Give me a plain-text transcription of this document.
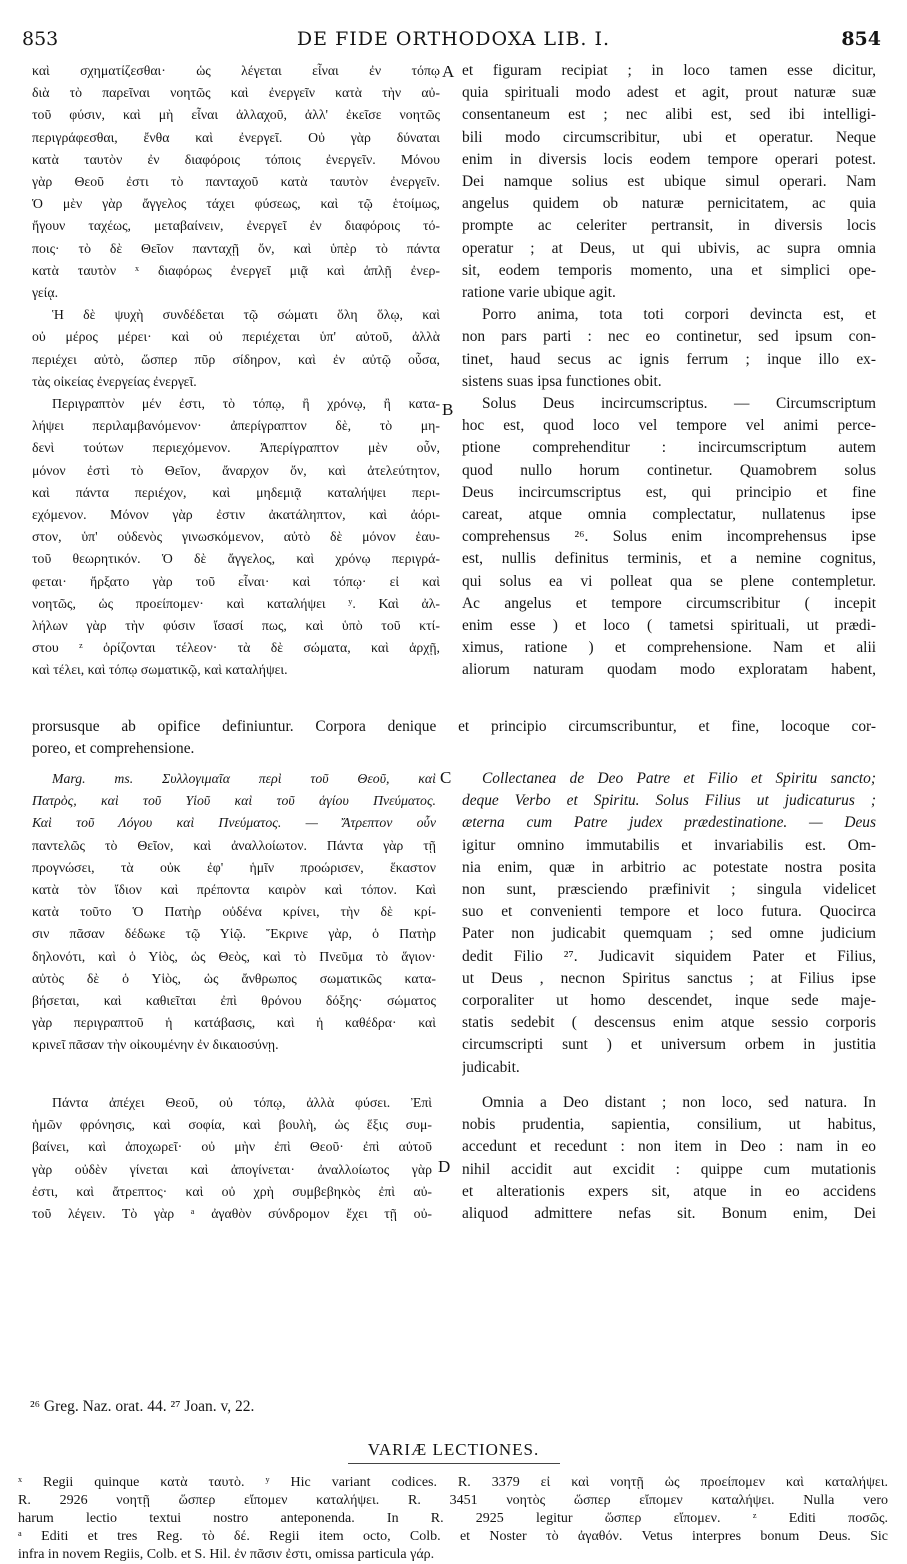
853	DE FIDE ORTHODOXA LIB. I.	854
A
B
C
D
καὶ σχηματίζεσθαι· ὡς λέγεται εἶναι ἐν τόπῳ
διὰ τὸ παρεῖναι νοητῶς καὶ ἐνεργεῖν κατὰ τὴν αὐ-
τοῦ φύσιν, καὶ μὴ εἶναι ἀλλαχοῦ, ἀλλ' ἐκεῖσε νοητῶς
περιγράφεσθαι, ἔνθα καὶ ἐνεργεῖ. Οὐ γὰρ δύναται
κατὰ ταυτὸν ἐν διαφόροις τόποις ἐνεργεῖν. Μόνου
γὰρ Θεοῦ ἐστι τὸ πανταχοῦ κατὰ ταυτὸν ἐνεργεῖν.
Ὁ μὲν γὰρ ἄγγελος τάχει φύσεως, καὶ τῷ ἑτοίμως,
ἤγουν ταχέως, μεταβαίνειν, ἐνεργεῖ ἐν διαφόροις τό-
ποις· τὸ δὲ Θεῖον πανταχῇ ὄν, καὶ ὑπὲρ τὸ πάντα
κατὰ ταυτὸν ˣ διαφόρως ἐνεργεῖ μιᾷ καὶ ἁπλῇ ἐνερ-
γείᾳ.
Ἡ δὲ ψυχὴ συνδέδεται τῷ σώματι ὅλη ὅλῳ, καὶ
οὐ μέρος μέρει· καὶ οὐ περιέχεται ὑπ' αὐτοῦ, ἀλλὰ
περιέχει αὐτὸ, ὥσπερ πῦρ σίδηρον, καὶ ἐν αὐτῷ οὖσα,
τὰς οἰκείας ἐνεργείας ἐνεργεῖ.
Περιγραπτὸν μέν ἐστι, τὸ τόπῳ, ἢ χρόνῳ, ἢ κατα-
λήψει περιλαμβανόμενον· ἀπερίγραπτον δὲ, τὸ μη-
δενὶ τούτων περιεχόμενον. Ἀπερίγραπτον μὲν οὖν,
μόνον ἐστὶ τὸ Θεῖον, ἄναρχον ὄν, καὶ ἀτελεύτητον,
καὶ πάντα περιέχον, καὶ μηδεμιᾷ καταλήψει περι-
εχόμενον. Μόνον γὰρ ἐστιν ἀκατάληπτον, καὶ ἀόρι-
στον, ὑπ' οὐδενὸς γινωσκόμενον, αὐτὸ δὲ μόνον ἑαυ-
τοῦ θεωρητικόν. Ὁ δὲ ἄγγελος, καὶ χρόνῳ περιγρά-
φεται· ἤρξατο γὰρ τοῦ εἶναι· καὶ τόπῳ· εἰ καὶ
νοητῶς, ὡς προείπομεν· καὶ καταλήψει ʸ. Καὶ ἀλ-
λήλων γὰρ τὴν φύσιν ἴσασί πως, καὶ ὑπὸ τοῦ κτί-
στου ᶻ ὁρίζονται τέλεον· τὰ δὲ σώματα, καὶ ἀρχῇ,
καὶ τέλει, καὶ τόπῳ σωματικῷ, καὶ καταλήψει.
et figuram recipiat ; in loco tamen esse dicitur,
quia spirituali modo adest et agit, prout naturæ suæ
consentaneum est ; nec alibi est, sed ibi intelligi-
bili modo circumscribitur, ubi et operatur. Neque
enim in diversis locis eodem tempore operari potest.
Dei namque solius est ubique simul operari. Nam
angelus quidem ob naturæ pernicitatem, ac quia
prompte ac celeriter pertransit, in diversis locis
operatur ; at Deus, ut qui ubivis, ac supra omnia
sit, eodem temporis momento, una et simplici ope-
ratione varie ubique agit.
Porro anima, tota toti corpori devincta est, et
non pars parti : nec eo continetur, sed ipsum con-
tinet, haud secus ac ignis ferrum ; inque illo ex-
sistens suas ipsa functiones obit.
Solus Deus incircumscriptus. — Circumscriptum
hoc est, quod loco vel tempore vel animi perce-
ptione comprehenditur : incircumscriptum autem
quod nullo horum continetur. Quamobrem solus
Deus incircumscriptus est, qui principio et fine
careat, atque omnia complectatur, nullatenus ipse
comprehensus ²⁶. Solus enim incomprehensus ipse
est, nullis definitus terminis, et a nemine cognitus,
qui solus ea vi polleat qua se plene contempletur.
Ac angelus et tempore circumscribitur ( incepit
enim esse ) et loco ( tametsi spirituali, ut prædi-
ximus, ratione ) et comprehensione. Nam et alii
aliorum naturam quodam modo exploratam habent,
prorsusque ab opifice definiuntur. Corpora denique et principio circumscribuntur, et fine, locoque cor-
poreo, et comprehensione.
Marg. ms. Συλλογιμαῖα περὶ τοῦ Θεοῦ, καὶ
Πατρὸς, καὶ τοῦ Υἱοῦ καὶ τοῦ ἁγίου Πνεύματος.
Καὶ τοῦ Λόγου καὶ Πνεύματος. — Ἄτρεπτον οὖν
παντελῶς τὸ Θεῖον, καὶ ἀναλλοίωτον. Πάντα γὰρ τῇ
προγνώσει, τὰ οὐκ ἐφ' ἡμῖν προώρισεν, ἕκαστον
κατὰ τὸν ἴδιον καὶ πρέποντα καιρὸν καὶ τόπον. Καὶ
κατὰ τοῦτο Ὁ Πατὴρ οὐδένα κρίνει, τὴν δὲ κρί-
σιν πᾶσαν δέδωκε τῷ Υἱῷ. Ἔκρινε γὰρ, ὁ Πατὴρ
δηλονότι, καὶ ὁ Υἱὸς, ὡς Θεὸς, καὶ τὸ Πνεῦμα τὸ ἅγιον·
αὐτὸς δὲ ὁ Υἱὸς, ὡς ἄνθρωπος σωματικῶς κατα-
βήσεται, καὶ καθιεῖται ἐπὶ θρόνου δόξης· σώματος
γὰρ περιγραπτοῦ ἡ κατάβασις, καὶ ἡ καθέδρα· καὶ
κρινεῖ πᾶσαν τὴν οἰκουμένην ἐν δικαιοσύνῃ.
Collectanea de Deo Patre et Filio et Spiritu sancto;
deque Verbo et Spiritu. Solus Filius ut judicaturus ;
æterna cum Patre judex prædestinatione. — Deus
igitur omnino immutabilis et invariabilis est. Om-
nia enim, quæ in arbitrio ac potestate nostra posita
non sunt, præsciendo præfinivit ; singula videlicet
suo et convenienti tempore et loco futura. Quocirca
Pater non judicabit quemquam ; sed omne judicium
dedit Filio ²⁷. Judicavit siquidem Pater et Filius,
ut Deus , necnon Spiritus sanctus ; at Filius ipse
corporaliter ut homo descendet, inque sede maje-
statis sedebit ( descensus enim atque sessio corporis
circumscripti sunt ) et universum orbem in justitia
judicabit.
Πάντα ἀπέχει Θεοῦ, οὐ τόπῳ, ἀλλὰ φύσει. Ἐπὶ
ἡμῶν φρόνησις, καὶ σοφία, καὶ βουλὴ, ὡς ἕξις συμ-
βαίνει, καὶ ἀποχωρεῖ· οὐ μὴν ἐπὶ Θεοῦ· ἐπὶ αὐτοῦ
γὰρ οὐδὲν γίνεται καὶ ἀπογίνεται· ἀναλλοίωτος γὰρ
ἐστι, καὶ ἄτρεπτος· καὶ οὐ χρὴ συμβεβηκὸς ἐπὶ αὐ-
τοῦ λέγειν. Τὸ γὰρ ᵃ ἀγαθὸν σύνδρομον ἔχει τῇ οὐ-
Omnia a Deo distant ; non loco, sed natura. In
nobis prudentia, sapientia, consilium, ut habitus,
accedunt et recedunt : non item in Deo : nam in eo
nihil accidit aut excidit : quippe cum mutationis
et alterationis expers sit, atque in eo accidens
aliquod admittere nefas sit. Bonum enim, Dei
²⁶ Greg. Naz. orat. 44. ²⁷ Joan. v, 22.
VARIÆ LECTIONES.
ˣ Regii quinque κατὰ ταυτὸ. ʸ Hic variant codices. R. 3379 εἰ καὶ νοητῇ ὡς προείπομεν καὶ καταλήψει.
R. 2926 νοητῇ ὥσπερ εἴπομεν καταλήψει. R. 3451 νοητὸς ὥσπερ εἴπομεν καταλήψει. Nulla vero
harum lectio textui nostro anteponenda. In R. 2925 legitur ὥσπερ εἴπομεν. ᶻ Editi ποσῶς.
ᵃ Editi et tres Reg. τὸ δέ. Regii item octo, Colb. et Noster τὸ ἀγαθόν. Vetus interpres bonum Deus. Sic
infra in novem Regiis, Colb. et S. Hil. ἐν πᾶσιν ἐστι, omissa particula γάρ.
